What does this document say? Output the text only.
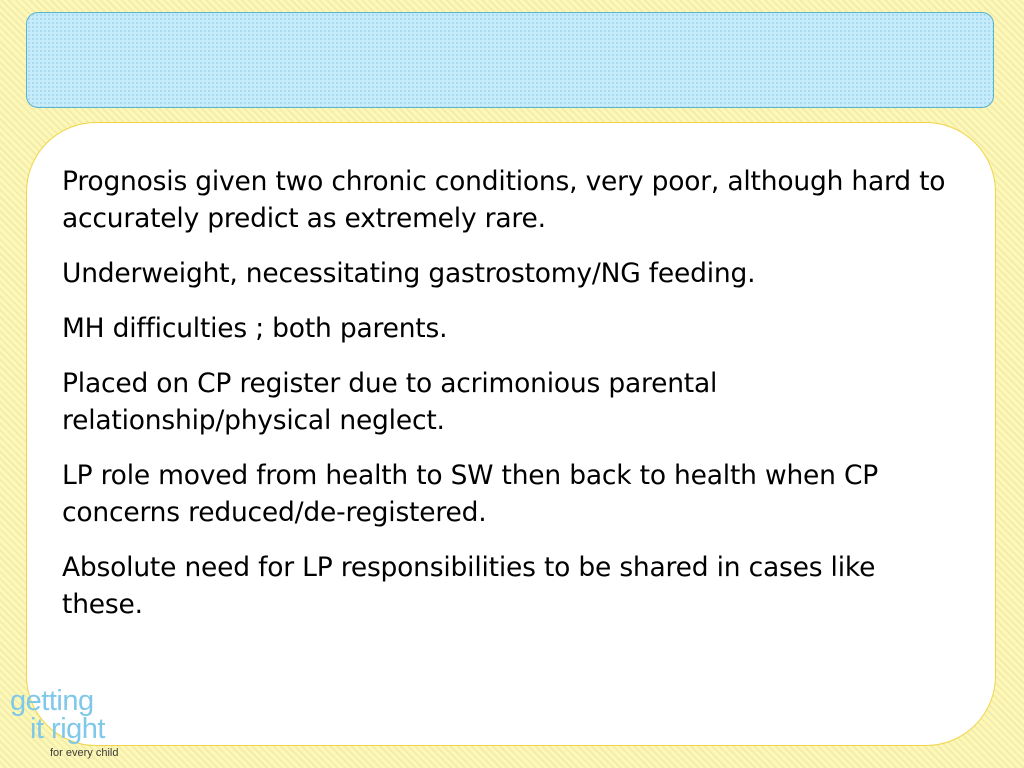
Prognosis given two chronic conditions, very poor, although hard to accurately predict as extremely rare.
Underweight, necessitating gastrostomy/NG feeding.
MH difficulties ; both parents.
Placed on CP register due to acrimonious parental relationship/physical neglect.
LP role moved from health to SW then back to health when CP concerns reduced/de-registered.
Absolute need for LP responsibilities to be shared in cases like these.
getting
it right
for every child
